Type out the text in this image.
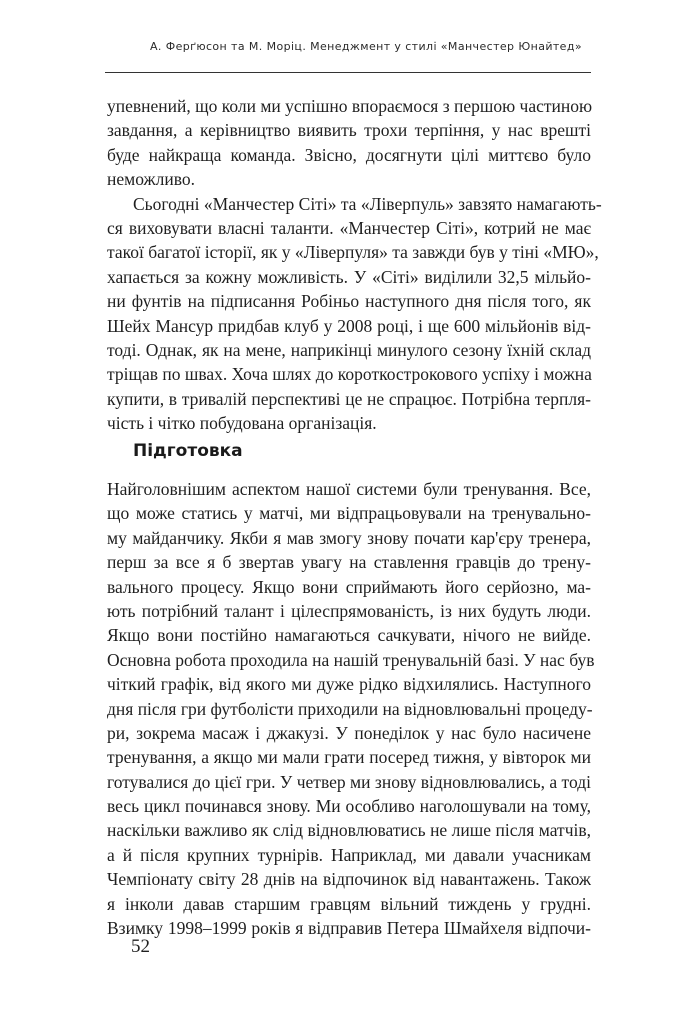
А. Ферґюсон та М. Моріц. Менеджмент у стилі «Манчестер Юнайтед»
упевнений, що коли ми успішно впораємося з першою частиною
завдання, а керівництво виявить трохи терпіння, у нас врешті
буде найкраща команда. Звісно, досягнути цілі миттєво було
неможливо.
Сьогодні «Манчестер Сіті» та «Ліверпуль» завзято намагають-
ся виховувати власні таланти. «Манчестер Сіті», котрий не має
такої багатої історії, як у «Ліверпуля» та завжди був у тіні «МЮ»,
хапається за кожну можливість. У «Сіті» виділили 32,5 мільйо-
ни фунтів на підписання Робіньо наступного дня після того, як
Шейх Мансур придбав клуб у 2008 році, і ще 600 мільйонів від-
тоді. Однак, як на мене, наприкінці минулого сезону їхній склад
тріщав по швах. Хоча шлях до короткострокового успіху і можна
купити, в тривалій перспективі це не спрацює. Потрібна терпля-
чість і чітко побудована організація.
Підготовка
Найголовнішим аспектом нашої системи були тренування. Все,
що може статись у матчі, ми відпрацьовували на тренувально-
му майданчику. Якби я мав змогу знову почати кар'єру тренера,
перш за все я б звертав увагу на ставлення гравців до трену-
вального процесу. Якщо вони сприймають його серйозно, ма-
ють потрібний талант і цілеспрямованість, із них будуть люди.
Якщо вони постійно намагаються сачкувати, нічого не вийде.
Основна робота проходила на нашій тренувальній базі. У нас був
чіткий графік, від якого ми дуже рідко відхилялись. Наступного
дня після гри футболісти приходили на відновлювальні процеду-
ри, зокрема масаж і джакузі. У понеділок у нас було насичене
тренування, а якщо ми мали грати посеред тижня, у вівторок ми
готувалися до цієї гри. У четвер ми знову відновлювались, а тоді
весь цикл починався знову. Ми особливо наголошували на тому,
наскільки важливо як слід відновлюватись не лише після матчів,
а й після крупних турнірів. Наприклад, ми давали учасникам
Чемпіонату світу 28 днів на відпочинок від навантажень. Також
я інколи давав старшим гравцям вільний тиждень у грудні.
Взимку 1998–1999 років я відправив Петера Шмайхеля відпочи-
52
